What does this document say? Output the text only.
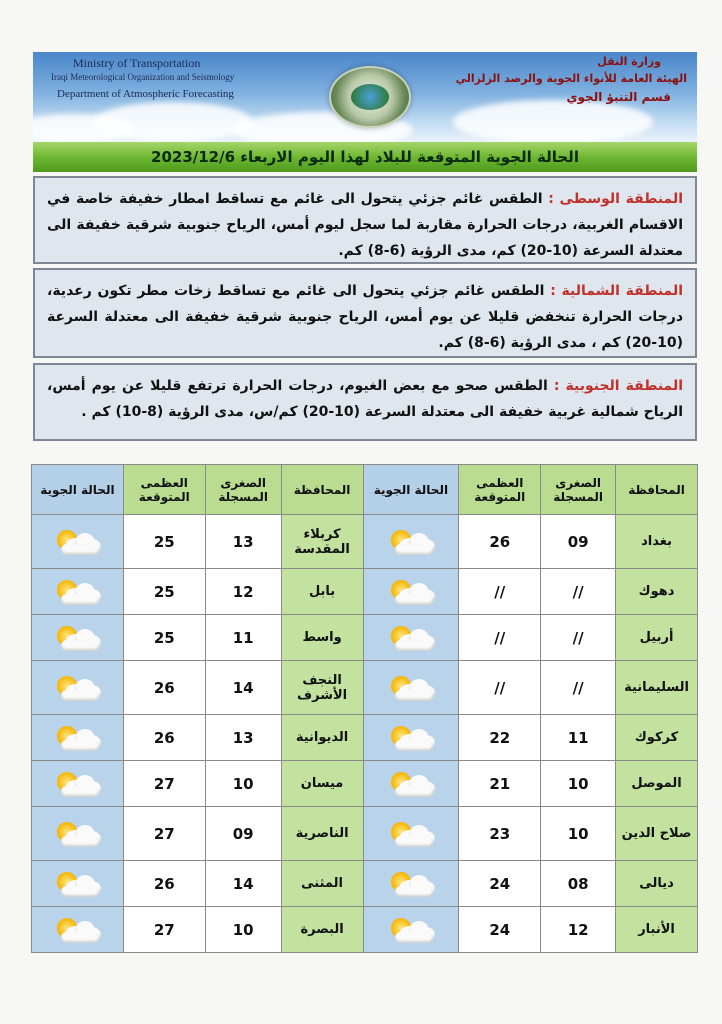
Ministry of Transportation
Iraqi Meteorological Organization and Seismology
Department of Atmospheric Forecasting
وزارة النقل
الهيئة العامة للأنواء الجوية والرصد الزلزالي
قسم التنبؤ الجوي
الحالة الجوية المتوقعة للبلاد لهذا اليوم الاربعاء 2023/12/6

المنطقة الوسطى : الطقس غائم جزئي يتحول الى غائم مع تساقط امطار خفيفة خاصة في الاقسام الغربية، درجات الحرارة مقاربة لما سجل ليوم أمس، الرياح جنوبية شرقية خفيفة الى معتدلة السرعة (10-20) كم، مدى الرؤية (6-8) كم.

المنطقة الشمالية : الطقس غائم جزئي يتحول الى غائم مع تساقط زخات مطر تكون رعدية، درجات الحرارة تنخفض قليلا عن يوم أمس، الرياح جنوبية شرقية خفيفة الى معتدلة السرعة (10-20) كم ، مدى الرؤية (6-8) كم.

المنطقة الجنوبية : الطقس صحو مع بعض الغيوم، درجات الحرارة ترتفع قليلا عن يوم أمس، الرياح شمالية غربية خفيفة الى معتدلة السرعة (10-20) كم/س، مدى الرؤية (8-10) كم .

المحافظة	الصغرى المسجلة	العظمى المتوقعة	الحالة الجوية	المحافظة	الصغرى المسجلة	العظمى المتوقعة	الحالة الجوية
بغداد	09	26		كربلاء المقدسة	13	25	

دهوك	//	//		بابل	12	25	

أربيل	//	//		واسط	11	25	

السليمانية	//	//		النجف الأشرف	14	26	

كركوك	11	22		الديوانية	13	26	

الموصل	10	21		ميسان	10	27	

صلاح الدين	10	23		الناصرية	09	27	

ديالى	08	24		المثنى	14	26	

الأنبار	12	24		البصرة	10	27	
